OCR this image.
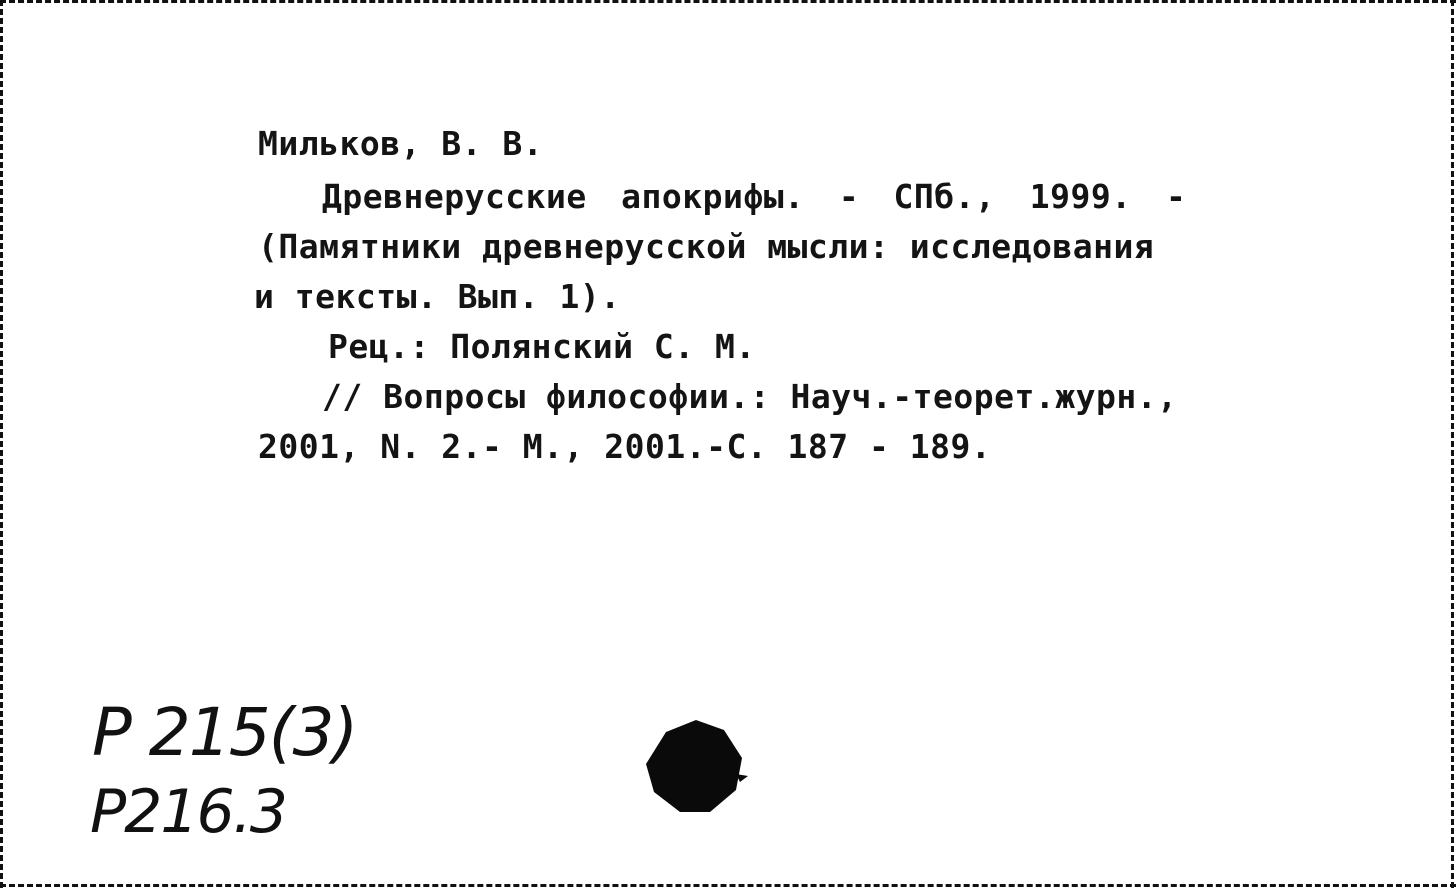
Мильков, В. В.
Древнерусские апокрифы. - СПб., 1999. -
(Памятники древнерусской мысли: исследования
и тексты. Вып. 1).
Рец.: Полянский С. М.
// Вопросы философии.: Науч.-теорет.журн.,
2001, N. 2.- М., 2001.-С. 187 - 189.
P 215(3)
P216.3
